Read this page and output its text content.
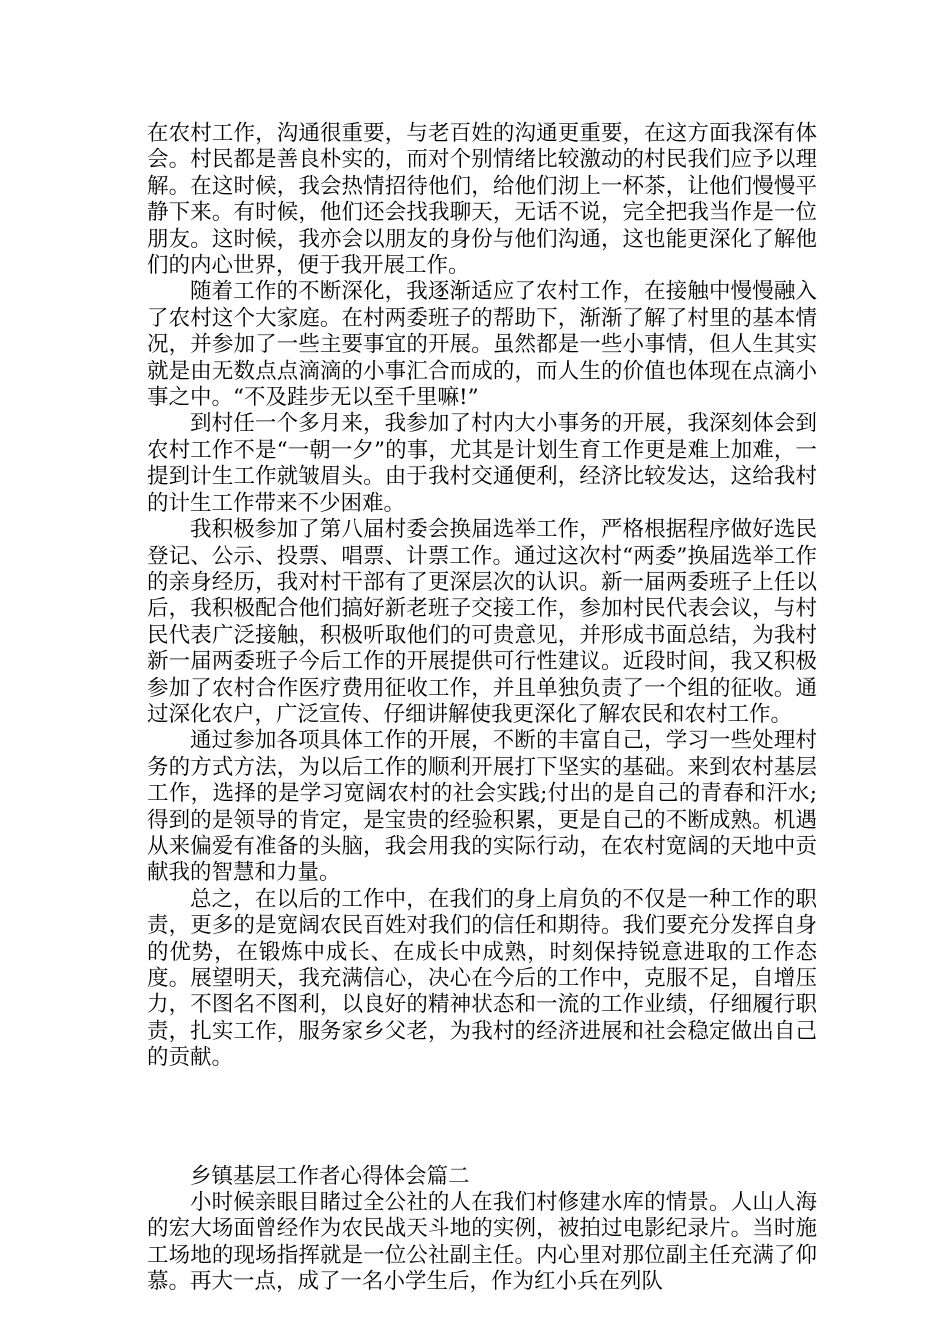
在农村工作，沟通很重要，与老百姓的沟通更重要，在这方面我深有体会。村民都是善良朴实的，而对个别情绪比较激动的村民我们应予以理解。在这时候，我会热情招待他们，给他们沏上一杯茶，让他们慢慢平静下来。有时候，他们还会找我聊天，无话不说，完全把我当作是一位朋友。这时候，我亦会以朋友的身份与他们沟通，这也能更深化了解他们的内心世界，便于我开展工作。

随着工作的不断深化，我逐渐适应了农村工作，在接触中慢慢融入了农村这个大家庭。在村两委班子的帮助下，渐渐了解了村里的基本情况，并参加了一些主要事宜的开展。虽然都是一些小事情，但人生其实就是由无数点点滴滴的小事汇合而成的，而人生的价值也体现在点滴小事之中。“不及跬步无以至千里嘛!”

到村任一个多月来，我参加了村内大小事务的开展，我深刻体会到农村工作不是“一朝一夕”的事，尤其是计划生育工作更是难上加难，一提到计生工作就皱眉头。由于我村交通便利，经济比较发达，这给我村的计生工作带来不少困难。

我积极参加了第八届村委会换届选举工作，严格根据程序做好选民登记、公示、投票、唱票、计票工作。通过这次村“两委”换届选举工作的亲身经历，我对村干部有了更深层次的认识。新一届两委班子上任以后，我积极配合他们搞好新老班子交接工作，参加村民代表会议，与村民代表广泛接触，积极听取他们的可贵意见，并形成书面总结，为我村新一届两委班子今后工作的开展提供可行性建议。近段时间，我又积极参加了农村合作医疗费用征收工作，并且单独负责了一个组的征收。通过深化农户，广泛宣传、仔细讲解使我更深化了解农民和农村工作。

通过参加各项具体工作的开展，不断的丰富自己，学习一些处理村务的方式方法，为以后工作的顺利开展打下坚实的基础。来到农村基层工作，选择的是学习宽阔农村的社会实践;付出的是自己的青春和汗水;得到的是领导的肯定，是宝贵的经验积累，更是自己的不断成熟。机遇从来偏爱有准备的头脑，我会用我的实际行动，在农村宽阔的天地中贡献我的智慧和力量。

总之，在以后的工作中，在我们的身上肩负的不仅是一种工作的职责，更多的是宽阔农民百姓对我们的信任和期待。我们要充分发挥自身的优势，在锻炼中成长、在成长中成熟，时刻保持锐意进取的工作态度。展望明天，我充满信心，决心在今后的工作中，克服不足，自增压力，不图名不图利，以良好的精神状态和一流的工作业绩，仔细履行职责，扎实工作，服务家乡父老，为我村的经济进展和社会稳定做出自己的贡献。

乡镇基层工作者心得体会篇二

小时候亲眼目睹过全公社的人在我们村修建水库的情景。人山人海的宏大场面曾经作为农民战天斗地的实例，被拍过电影纪录片。当时施工场地的现场指挥就是一位公社副主任。内心里对那位副主任充满了仰慕。再大一点，成了一名小学生后，作为红小兵在列队
